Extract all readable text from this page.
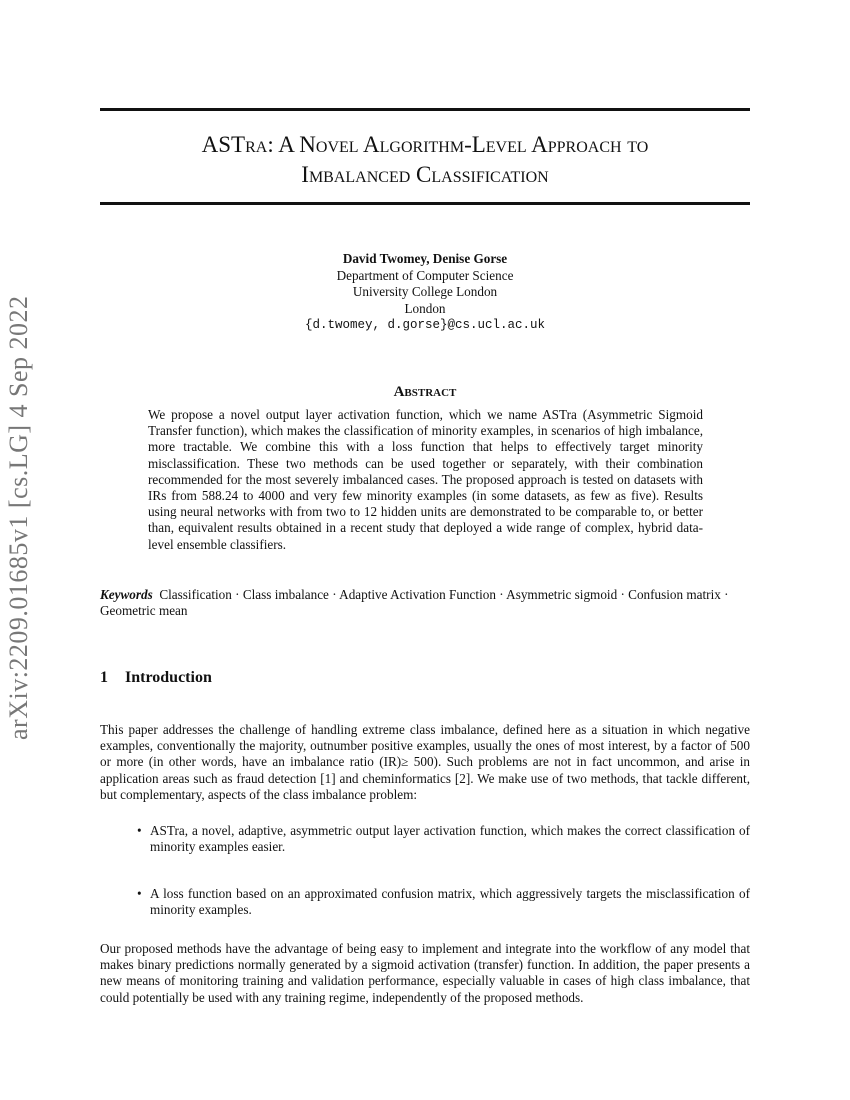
arXiv:2209.01685v1 [cs.LG] 4 Sep 2022
ASTra: A Novel Algorithm-Level Approach to
Imbalanced Classification
David Twomey, Denise Gorse
Department of Computer Science
University College London
London
{d.twomey, d.gorse}@cs.ucl.ac.uk
Abstract
We propose a novel output layer activation function, which we name ASTra (Asymmetric Sigmoid Transfer function), which makes the classification of minority examples, in scenarios of high imbalance, more tractable. We combine this with a loss function that helps to effectively target minority misclassification. These two methods can be used together or separately, with their combination recommended for the most severely imbalanced cases. The proposed approach is tested on datasets with IRs from 588.24 to 4000 and very few minority examples (in some datasets, as few as five). Results using neural networks with from two to 12 hidden units are demonstrated to be comparable to, or better than, equivalent results obtained in a recent study that deployed a wide range of complex, hybrid data-level ensemble classifiers.
Keywords Classification · Class imbalance · Adaptive Activation Function · Asymmetric sigmoid · Confusion matrix · Geometric mean
1 Introduction
This paper addresses the challenge of handling extreme class imbalance, defined here as a situation in which negative examples, conventionally the majority, outnumber positive examples, usually the ones of most interest, by a factor of 500 or more (in other words, have an imbalance ratio (IR)≥ 500). Such problems are not in fact uncommon, and arise in application areas such as fraud detection [1] and cheminformatics [2]. We make use of two methods, that tackle different, but complementary, aspects of the class imbalance problem:
• ASTra, a novel, adaptive, asymmetric output layer activation function, which makes the correct classification of minority examples easier.
• A loss function based on an approximated confusion matrix, which aggressively targets the misclassification of minority examples.
Our proposed methods have the advantage of being easy to implement and integrate into the workflow of any model that makes binary predictions normally generated by a sigmoid activation (transfer) function. In addition, the paper presents a new means of monitoring training and validation performance, especially valuable in cases of high class imbalance, that could potentially be used with any training regime, independently of the proposed methods.
